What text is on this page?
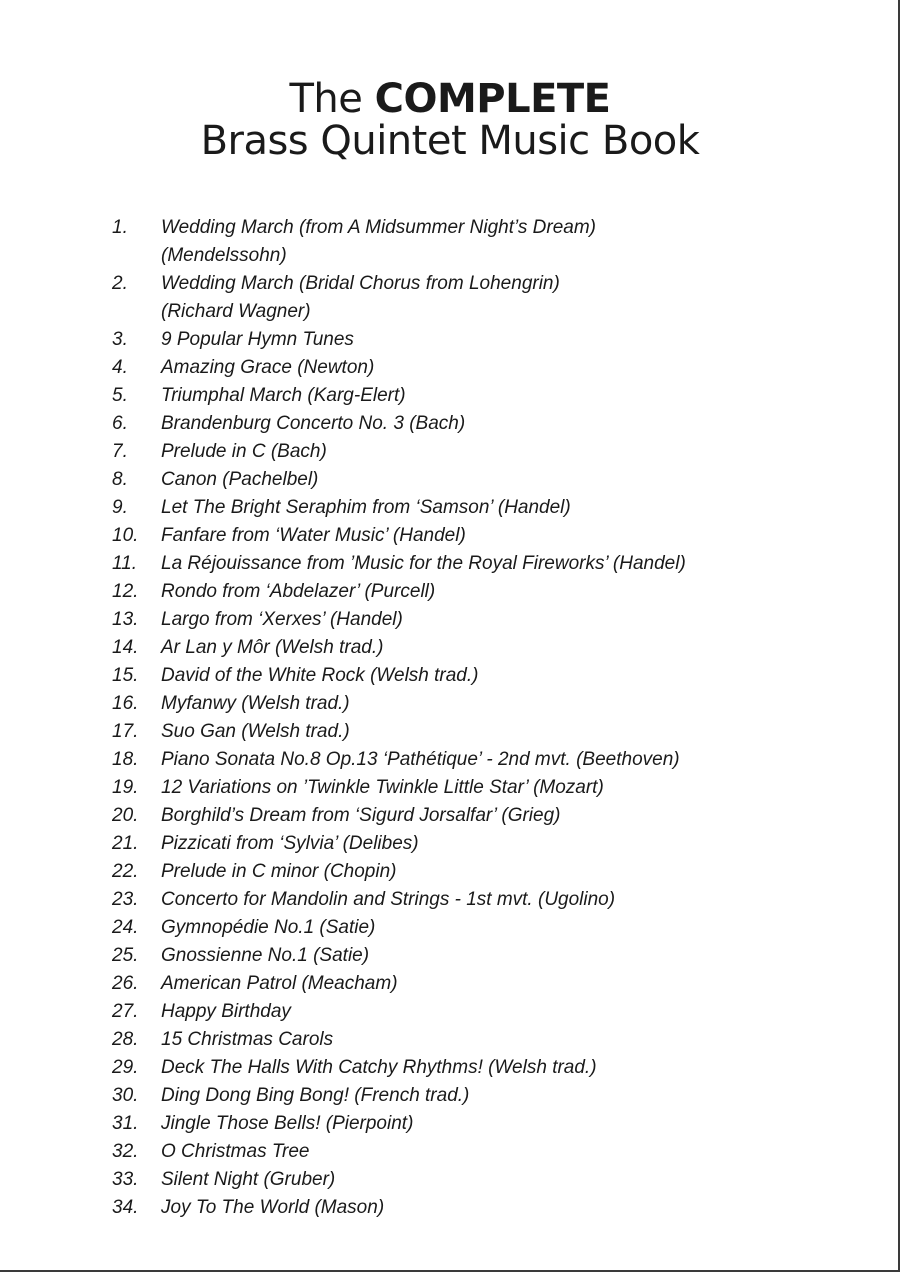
The COMPLETE
Brass Quintet Music Book
1. Wedding March (from A Midsummer Night’s Dream)
(Mendelssohn)
2. Wedding March (Bridal Chorus from Lohengrin)
(Richard Wagner)
3. 9 Popular Hymn Tunes
4. Amazing Grace (Newton)
5. Triumphal March (Karg-Elert)
6. Brandenburg Concerto No. 3 (Bach)
7. Prelude in C (Bach)
8. Canon (Pachelbel)
9. Let The Bright Seraphim from ‘Samson’ (Handel)
10. Fanfare from ‘Water Music’ (Handel)
11. La Réjouissance from ’Music for the Royal Fireworks’ (Handel)
12. Rondo from ‘Abdelazer’ (Purcell)
13. Largo from ‘Xerxes’ (Handel)
14. Ar Lan y Môr (Welsh trad.)
15. David of the White Rock (Welsh trad.)
16. Myfanwy (Welsh trad.)
17. Suo Gan (Welsh trad.)
18. Piano Sonata No.8 Op.13 ‘Pathétique’ - 2nd mvt. (Beethoven)
19. 12 Variations on ’Twinkle Twinkle Little Star’ (Mozart)
20. Borghild’s Dream from ‘Sigurd Jorsalfar’ (Grieg)
21. Pizzicati from ‘Sylvia’ (Delibes)
22. Prelude in C minor (Chopin)
23. Concerto for Mandolin and Strings - 1st mvt. (Ugolino)
24. Gymnopédie No.1 (Satie)
25. Gnossienne No.1 (Satie)
26. American Patrol (Meacham)
27. Happy Birthday
28. 15 Christmas Carols
29. Deck The Halls With Catchy Rhythms! (Welsh trad.)
30. Ding Dong Bing Bong! (French trad.)
31. Jingle Those Bells! (Pierpoint)
32. O Christmas Tree
33. Silent Night (Gruber)
34. Joy To The World (Mason)
